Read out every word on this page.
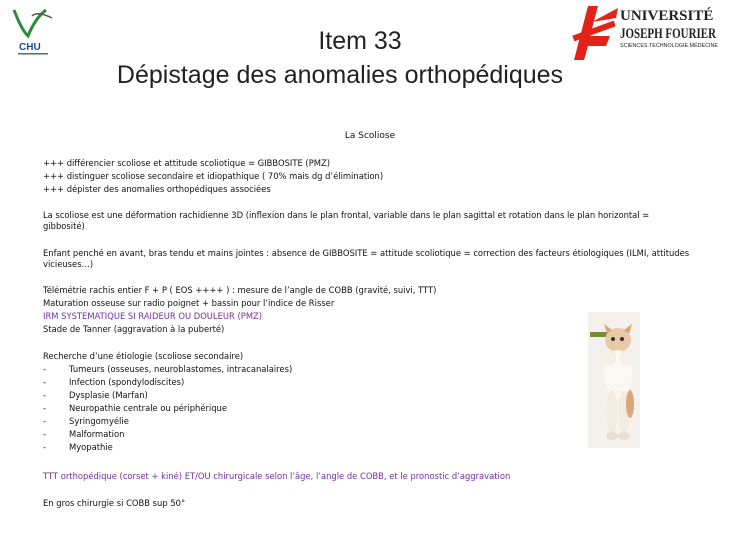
CHU
UNIVERSITÉ
JOSEPH FOURIER
SCIENCES.TECHNOLOGIE.MÉDECINE
Item 33
Dépistage des anomalies orthopédiques
La Scoliose
+++ différencier scoliose et attitude scoliotique = GIBBOSITE (PMZ)
+++ distinguer scoliose secondaire et idiopathique ( 70% mais dg d’élimination)
+++ dépister des anomalies orthopédiques associées
La scoliose est une déformation rachidienne 3D (inflexion dans le plan frontal, variable dans le plan sagittal et rotation dans le plan horizontal = gibbosité)
Enfant penché en avant, bras tendu et mains jointes : absence de GIBBOSITE = attitude scoliotique = correction des facteurs étiologiques (ILMI, attitudes vicieuses…)
Télémétrie rachis entier F + P ( EOS ++++ ) : mesure de l’angle de COBB (gravité, suivi, TTT)
Maturation osseuse sur radio poignet + bassin pour l’indice de Risser
IRM SYSTEMATIQUE SI RAIDEUR OU DOULEUR (PMZ)
Stade de Tanner (aggravation à la puberté)
Recherche d’une étiologie (scoliose secondaire)
-	Tumeurs (osseuses, neuroblastomes, intracanalaires)
-	Infection (spondylodiscites)
-	Dysplasie (Marfan)
-	Neuropathie centrale ou périphérique
-	Syringomyélie
-	Malformation
-	Myopathie
TTT orthopédique (corset + kiné) ET/OU chirurgicale selon l’âge, l’angle de COBB, et le pronostic d’aggravation
En gros chirurgie si COBB sup 50°
